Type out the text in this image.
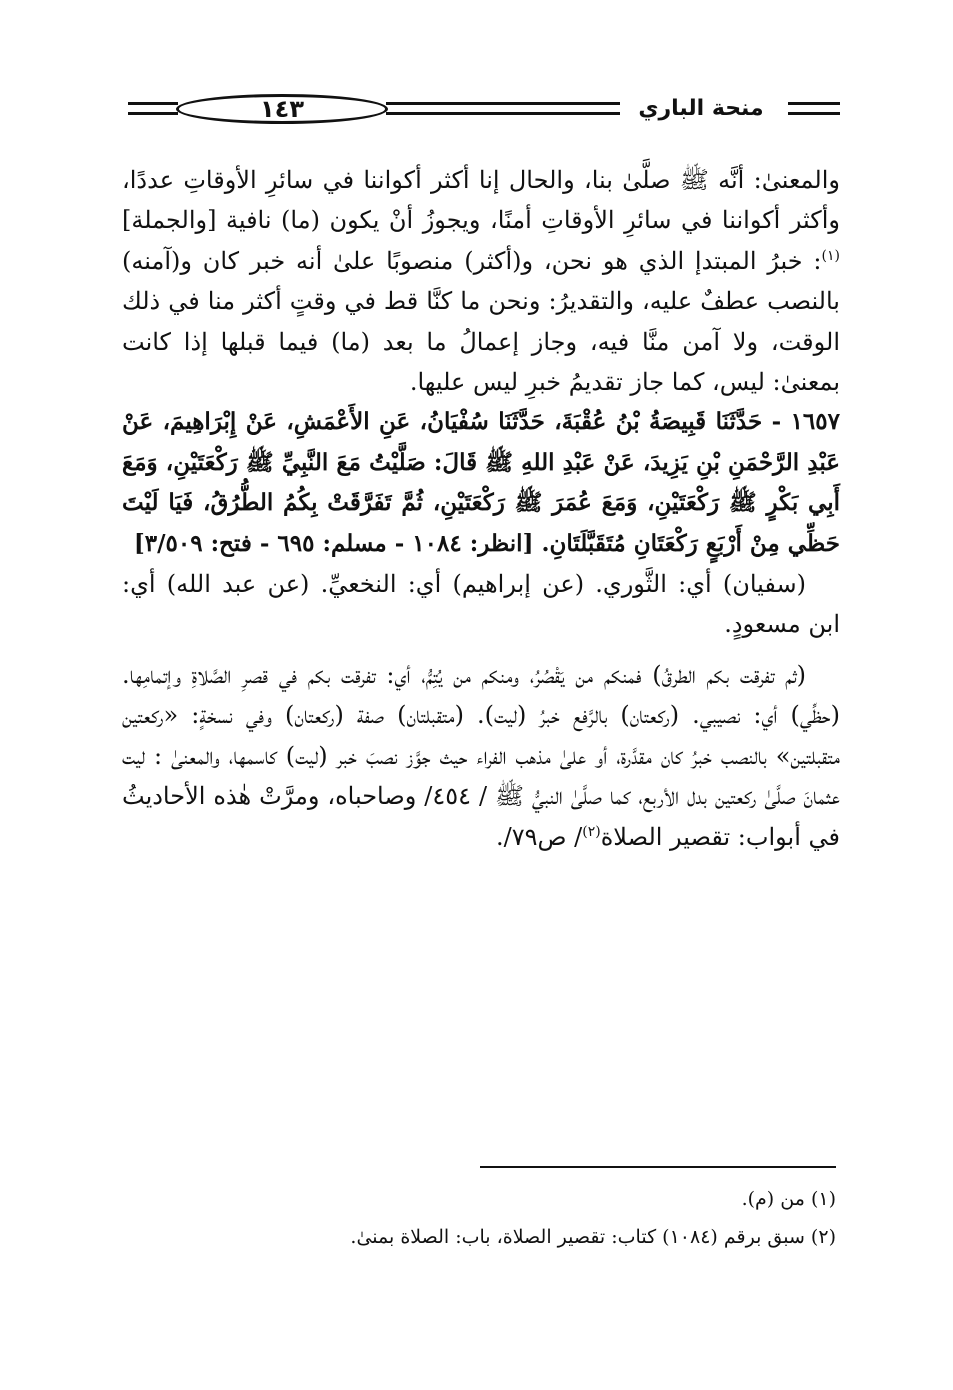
١٤٣	منحة الباري

والمعنىٰ: أنَّه ﷺ صلَّىٰ بنا، والحال إنا أكثر أكواننا في سائرِ الأوقاتِ عددًا، وأكثر أكواننا في سائرِ الأوقاتِ أمنًا، ويجوزُ أنْ يكون (ما) نافية [والجملة]$^{(١)}$: خبرُ المبتدإ الذي هو نحن، و(أكثر) منصوبًا علىٰ أنه خبر كان و(آمنه) بالنصب عطفٌ عليه، والتقديرُ: ونحن ما كنَّا قط في وقتٍ أكثر منا في ذلك الوقت، ولا آمن منَّا فيه، وجاز إعمالُ ما بعد (ما) فيما قبلها إذا كانت بمعنىٰ: ليس، كما جاز تقديمُ خبرِ ليس عليها.

١٦٥٧ - حَدَّثَنَا قَبِيصَةُ بْنُ عُقْبَةَ، حَدَّثَنَا سُفْيَانُ، عَنِ الأَعْمَشِ، عَنْ إِبْرَاهِيمَ، عَنْ عَبْدِ الرَّحْمَنِ بْنِ يَزِيدَ، عَنْ عَبْدِ اللهِ ﷺ قَالَ: صَلَّيْتُ مَعَ النَّبِيِّ ﷺ رَكْعَتَيْنِ، وَمَعَ أَبِي بَكْرٍ ﷺ رَكْعَتَيْنِ، وَمَعَ عُمَرَ ﷺ رَكْعَتَيْنِ، ثُمَّ تَفَرَّقَتْ بِكُمُ الطُّرُقُ، فَيَا لَيْتَ حَظِّي مِنْ أَرْبَعٍ رَكْعَتَانِ مُتَقَبَّلَتَانِ. [انظر: ١٠٨٤ - مسلم: ٦٩٥ - فتح: ٣/٥٠٩]

(سفيان) أي: الثَّوري. (عن إبراهيم) أي: النخعيِّ. (عن عبد الله) أي: ابن مسعودٍ.

(ثم تفرقت بكم الطرقُ) فمنكم من يَقْصُرُ، ومنكم من يُتِمُّ، أي: تفرقت بكم في قصرِ الصَّلاةِ وإتمامِها. (حظِّي) أي: نصيبي. (ركعتان) بالرَّفع خبرُ (ليت). (متقبلتان) صفة (ركعتان) وفي نسخةٍ: «ركعتين متقبلتين» بالنصب خبرُ كان مقدَّرة، أو علىٰ مذهب الفراء حيث جوَّز نصبَ خبر (ليت) كاسمها، والمعنىٰ : ليت عثمانَ صلَّىٰ ركعتين بدل الأربع، كما صلَّىٰ النبيُّ ﷺ / ٤٥٤/ وصاحباه، ومرَّتْ هٰذه الأحاديثُ في أبواب: تقصير الصلاة$^{(٢)}$/ ص٧٩/.

(١) من (م).

(٢) سبق برقم (١٠٨٤) كتاب: تقصير الصلاة، باب: الصلاة بمنىٰ.
